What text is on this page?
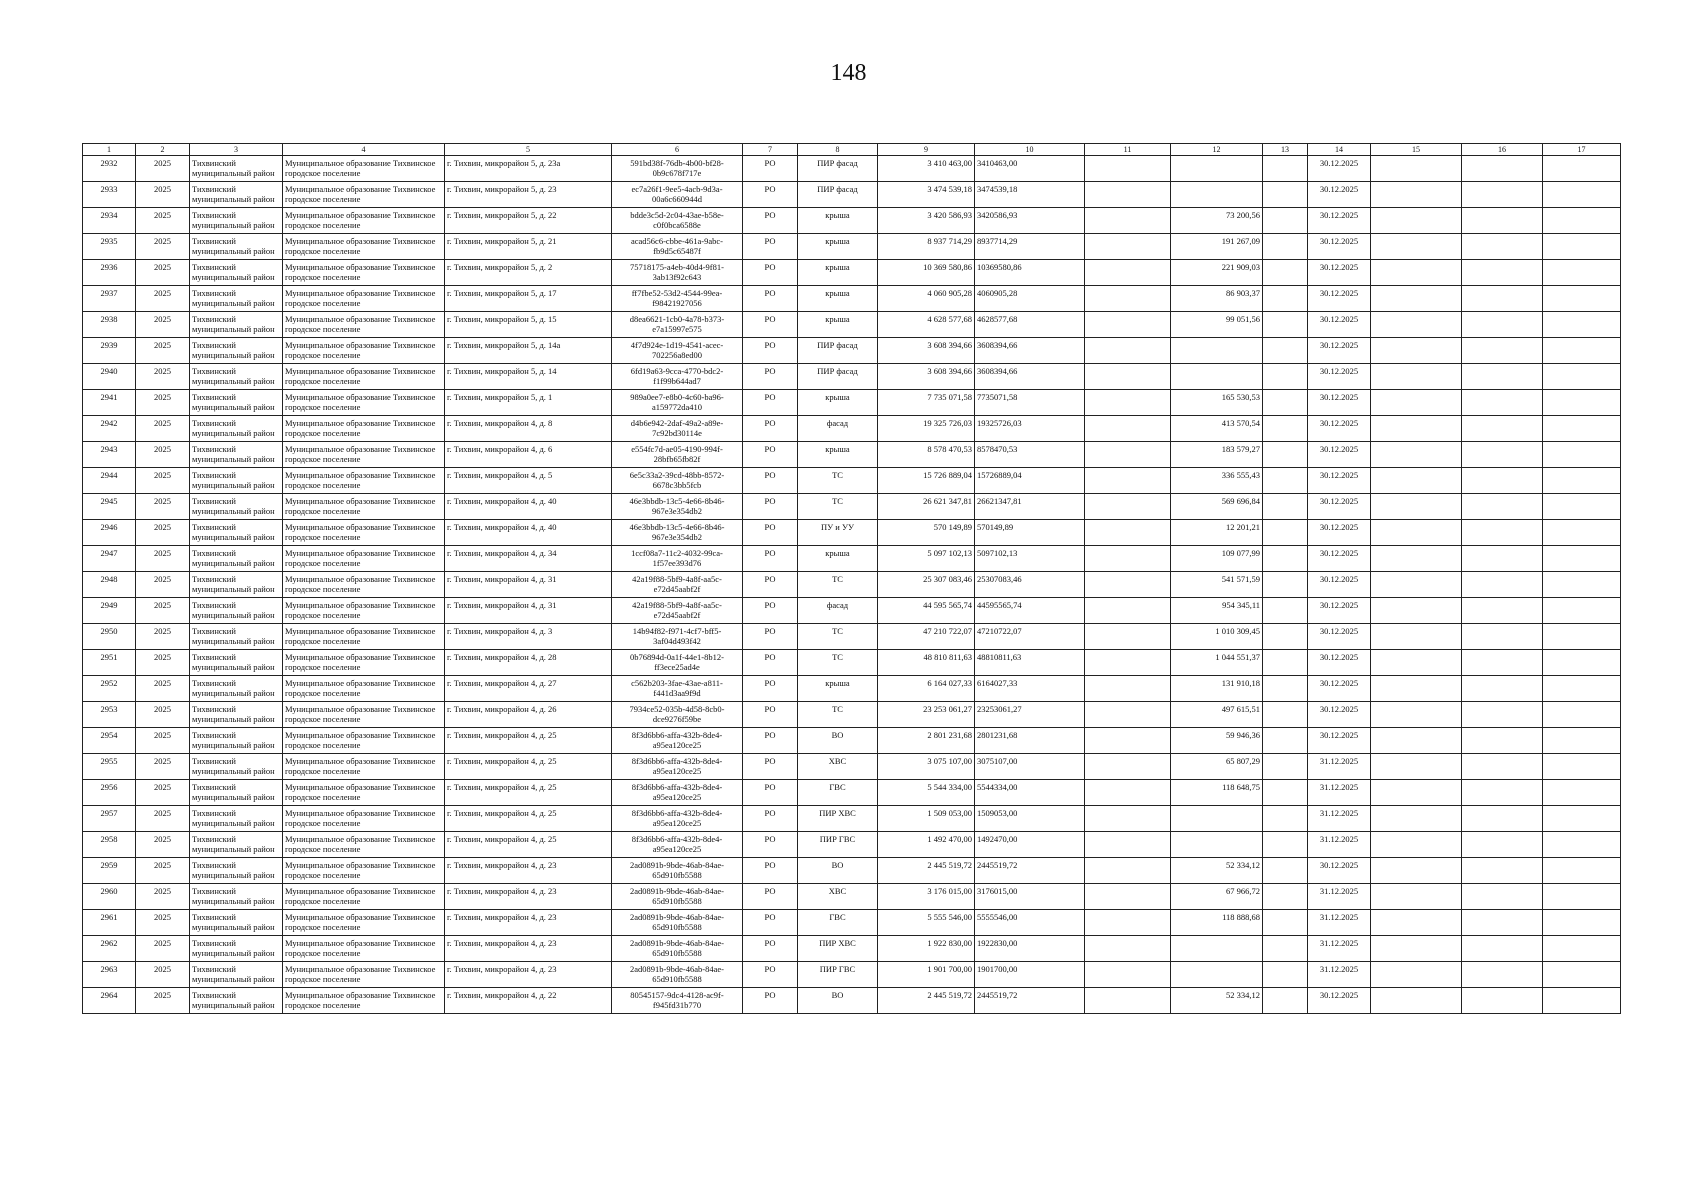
148
1	2	3	4	5	6	7	8	9	10	11	12	13	14	15	16	17
2932	2025	Тихвинский муниципальный район	Муниципальное образование Тихвинское городское поселение	г. Тихвин, микрорайон 5, д. 23а	591bd38f-76db-4b00-bf28-0b9c678f717e	РО	ПИР фасад	3 410 463,00	3410463,00				30.12.2025			
2933	2025	Тихвинский муниципальный район	Муниципальное образование Тихвинское городское поселение	г. Тихвин, микрорайон 5, д. 23	ec7a26f1-9ee5-4acb-9d3a-00a6c660944d	РО	ПИР фасад	3 474 539,18	3474539,18				30.12.2025			
2934	2025	Тихвинский муниципальный район	Муниципальное образование Тихвинское городское поселение	г. Тихвин, микрорайон 5, д. 22	bdde3c5d-2c04-43ae-b58e-c0f0bca6588e	РО	крыша	3 420 586,93	3420586,93		73 200,56		30.12.2025			
2935	2025	Тихвинский муниципальный район	Муниципальное образование Тихвинское городское поселение	г. Тихвин, микрорайон 5, д. 21	acad56c6-cbbe-461a-9abc-fb9d5c65487f	РО	крыша	8 937 714,29	8937714,29		191 267,09		30.12.2025			
2936	2025	Тихвинский муниципальный район	Муниципальное образование Тихвинское городское поселение	г. Тихвин, микрорайон 5, д. 2	75718175-a4eb-40d4-9f81-3ab13f92c643	РО	крыша	10 369 580,86	10369580,86		221 909,03		30.12.2025			
2937	2025	Тихвинский муниципальный район	Муниципальное образование Тихвинское городское поселение	г. Тихвин, микрорайон 5, д. 17	ff7fbe52-53d2-4544-99ea-f98421927056	РО	крыша	4 060 905,28	4060905,28		86 903,37		30.12.2025			
2938	2025	Тихвинский муниципальный район	Муниципальное образование Тихвинское городское поселение	г. Тихвин, микрорайон 5, д. 15	d8ea6621-1cb0-4a78-b373-e7a15997e575	РО	крыша	4 628 577,68	4628577,68		99 051,56		30.12.2025			
2939	2025	Тихвинский муниципальный район	Муниципальное образование Тихвинское городское поселение	г. Тихвин, микрорайон 5, д. 14а	4f7d924e-1d19-4541-acec-702256a8ed00	РО	ПИР фасад	3 608 394,66	3608394,66				30.12.2025			
2940	2025	Тихвинский муниципальный район	Муниципальное образование Тихвинское городское поселение	г. Тихвин, микрорайон 5, д. 14	6fd19a63-9ccа-4770-bdc2-f1f99b644ad7	РО	ПИР фасад	3 608 394,66	3608394,66				30.12.2025			
2941	2025	Тихвинский муниципальный район	Муниципальное образование Тихвинское городское поселение	г. Тихвин, микрорайон 5, д. 1	989a0ee7-e8b0-4c60-ba96-a159772da410	РО	крыша	7 735 071,58	7735071,58		165 530,53		30.12.2025			
2942	2025	Тихвинский муниципальный район	Муниципальное образование Тихвинское городское поселение	г. Тихвин, микрорайон 4, д. 8	d4b6e942-2daf-49a2-a89e-7c92bd30114e	РО	фасад	19 325 726,03	19325726,03		413 570,54		30.12.2025			
2943	2025	Тихвинский муниципальный район	Муниципальное образование Тихвинское городское поселение	г. Тихвин, микрорайон 4, д. 6	e554fc7d-ae05-4190-994f-28bfb65fb82f	РО	крыша	8 578 470,53	8578470,53		183 579,27		30.12.2025			
2944	2025	Тихвинский муниципальный район	Муниципальное образование Тихвинское городское поселение	г. Тихвин, микрорайон 4, д. 5	6e5c33a2-39cd-48bb-8572-6678c3bb5fcb	РО	ТС	15 726 889,04	15726889,04		336 555,43		30.12.2025			
2945	2025	Тихвинский муниципальный район	Муниципальное образование Тихвинское городское поселение	г. Тихвин, микрорайон 4, д. 40	46e3bbdb-13c5-4e66-8b46-967e3e354db2	РО	ТС	26 621 347,81	26621347,81		569 696,84		30.12.2025			
2946	2025	Тихвинский муниципальный район	Муниципальное образование Тихвинское городское поселение	г. Тихвин, микрорайон 4, д. 40	46e3bbdb-13c5-4e66-8b46-967e3e354db2	РО	ПУ и УУ	570 149,89	570149,89		12 201,21		30.12.2025			
2947	2025	Тихвинский муниципальный район	Муниципальное образование Тихвинское городское поселение	г. Тихвин, микрорайон 4, д. 34	1ccf08a7-11c2-4032-99ca-1f57ee393d76	РО	крыша	5 097 102,13	5097102,13		109 077,99		30.12.2025			
2948	2025	Тихвинский муниципальный район	Муниципальное образование Тихвинское городское поселение	г. Тихвин, микрорайон 4, д. 31	42a19f88-5bf9-4a8f-aa5c-e72d45aabf2f	РО	ТС	25 307 083,46	25307083,46		541 571,59		30.12.2025			
2949	2025	Тихвинский муниципальный район	Муниципальное образование Тихвинское городское поселение	г. Тихвин, микрорайон 4, д. 31	42a19f88-5bf9-4a8f-aa5c-e72d45aabf2f	РО	фасад	44 595 565,74	44595565,74		954 345,11		30.12.2025			
2950	2025	Тихвинский муниципальный район	Муниципальное образование Тихвинское городское поселение	г. Тихвин, микрорайон 4, д. 3	14b94f82-f971-4cf7-bff5-3af04d493f42	РО	ТС	47 210 722,07	47210722,07		1 010 309,45		30.12.2025			
2951	2025	Тихвинский муниципальный район	Муниципальное образование Тихвинское городское поселение	г. Тихвин, микрорайон 4, д. 28	0b76894d-0a1f-44e1-8b12-ff3ece25ad4e	РО	ТС	48 810 811,63	48810811,63		1 044 551,37		30.12.2025			
2952	2025	Тихвинский муниципальный район	Муниципальное образование Тихвинское городское поселение	г. Тихвин, микрорайон 4, д. 27	c562b203-3fae-43ae-a811-f441d3aa9f9d	РО	крыша	6 164 027,33	6164027,33		131 910,18		30.12.2025			
2953	2025	Тихвинский муниципальный район	Муниципальное образование Тихвинское городское поселение	г. Тихвин, микрорайон 4, д. 26	7934ce52-035b-4d58-8cb0-dce9276f59be	РО	ТС	23 253 061,27	23253061,27		497 615,51		30.12.2025			
2954	2025	Тихвинский муниципальный район	Муниципальное образование Тихвинское городское поселение	г. Тихвин, микрорайон 4, д. 25	8f3d6bb6-affa-432b-8de4-a95ea120ce25	РО	ВО	2 801 231,68	2801231,68		59 946,36		30.12.2025			
2955	2025	Тихвинский муниципальный район	Муниципальное образование Тихвинское городское поселение	г. Тихвин, микрорайон 4, д. 25	8f3d6bb6-affa-432b-8de4-a95ea120ce25	РО	ХВС	3 075 107,00	3075107,00		65 807,29		31.12.2025			
2956	2025	Тихвинский муниципальный район	Муниципальное образование Тихвинское городское поселение	г. Тихвин, микрорайон 4, д. 25	8f3d6bb6-affa-432b-8de4-a95ea120ce25	РО	ГВС	5 544 334,00	5544334,00		118 648,75		31.12.2025			
2957	2025	Тихвинский муниципальный район	Муниципальное образование Тихвинское городское поселение	г. Тихвин, микрорайон 4, д. 25	8f3d6bb6-affa-432b-8de4-a95ea120ce25	РО	ПИР ХВС	1 509 053,00	1509053,00				31.12.2025			
2958	2025	Тихвинский муниципальный район	Муниципальное образование Тихвинское городское поселение	г. Тихвин, микрорайон 4, д. 25	8f3d6bb6-affa-432b-8de4-a95ea120ce25	РО	ПИР ГВС	1 492 470,00	1492470,00				31.12.2025			
2959	2025	Тихвинский муниципальный район	Муниципальное образование Тихвинское городское поселение	г. Тихвин, микрорайон 4, д. 23	2ad0891b-9bde-46ab-84ae-65d910fb5588	РО	ВО	2 445 519,72	2445519,72		52 334,12		30.12.2025			
2960	2025	Тихвинский муниципальный район	Муниципальное образование Тихвинское городское поселение	г. Тихвин, микрорайон 4, д. 23	2ad0891b-9bde-46ab-84ae-65d910fb5588	РО	ХВС	3 176 015,00	3176015,00		67 966,72		31.12.2025			
2961	2025	Тихвинский муниципальный район	Муниципальное образование Тихвинское городское поселение	г. Тихвин, микрорайон 4, д. 23	2ad0891b-9bde-46ab-84ae-65d910fb5588	РО	ГВС	5 555 546,00	5555546,00		118 888,68		31.12.2025			
2962	2025	Тихвинский муниципальный район	Муниципальное образование Тихвинское городское поселение	г. Тихвин, микрорайон 4, д. 23	2ad0891b-9bde-46ab-84ae-65d910fb5588	РО	ПИР ХВС	1 922 830,00	1922830,00				31.12.2025			
2963	2025	Тихвинский муниципальный район	Муниципальное образование Тихвинское городское поселение	г. Тихвин, микрорайон 4, д. 23	2ad0891b-9bde-46ab-84ae-65d910fb5588	РО	ПИР ГВС	1 901 700,00	1901700,00				31.12.2025			
2964	2025	Тихвинский муниципальный район	Муниципальное образование Тихвинское городское поселение	г. Тихвин, микрорайон 4, д. 22	80545157-9dc4-4128-ac9f-f945fd31b770	РО	ВО	2 445 519,72	2445519,72		52 334,12		30.12.2025			
